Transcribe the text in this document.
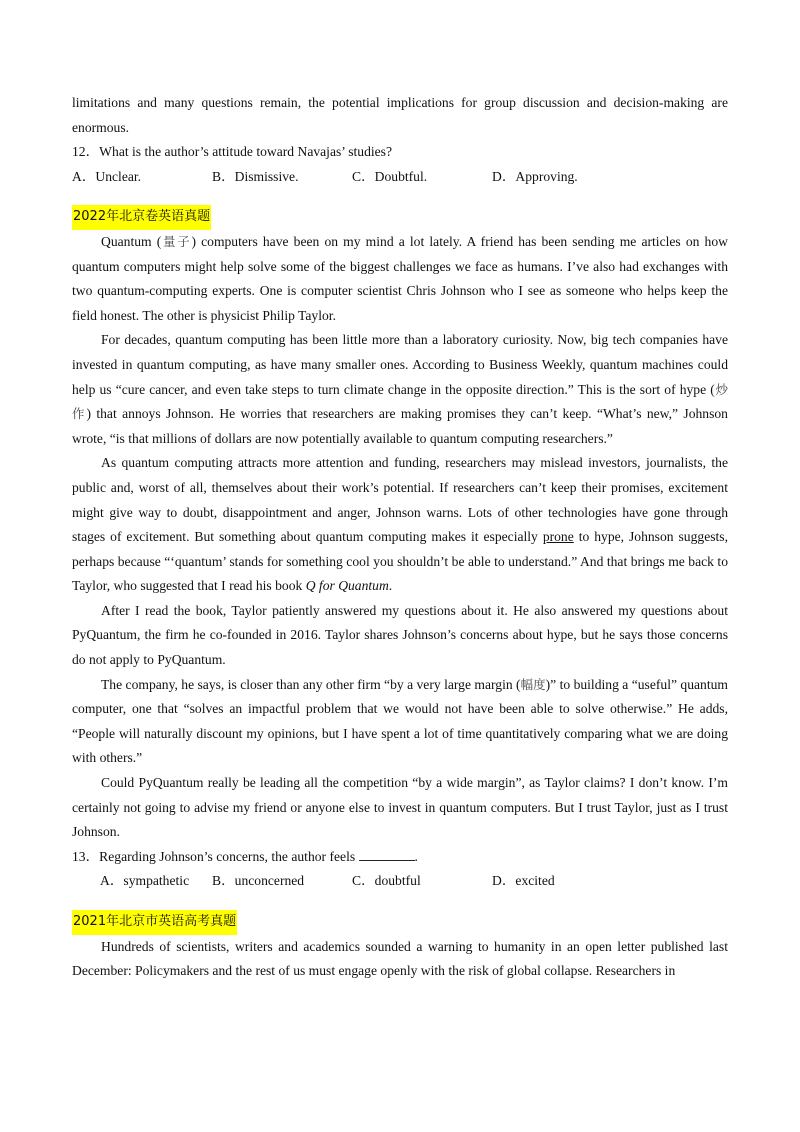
limitations and many questions remain, the potential implications for group discussion and decision-making are enormous.

12．What is the author’s attitude toward Navajas’ studies?

A．Unclear.	B．Dismissive.	C．Doubtful.	D．Approving.
2022年北京卷英语真题

Quantum (量子) computers have been on my mind a lot lately. A friend has been sending me articles on how quantum computers might help solve some of the biggest challenges we face as humans. I’ve also had exchanges with two quantum-computing experts. One is computer scientist Chris Johnson who I see as someone who helps keep the field honest. The other is physicist Philip Taylor.

For decades, quantum computing has been little more than a laboratory curiosity. Now, big tech companies have invested in quantum computing, as have many smaller ones. According to Business Weekly, quantum machines could help us “cure cancer, and even take steps to turn climate change in the opposite direction.” This is the sort of hype (炒作) that annoys Johnson. He worries that researchers are making promises they can’t keep. “What’s new,” Johnson wrote, “is that millions of dollars are now potentially available to quantum computing researchers.”

As quantum computing attracts more attention and funding, researchers may mislead investors, journalists, the public and, worst of all, themselves about their work’s potential. If researchers can’t keep their promises, excitement might give way to doubt, disappointment and anger, Johnson warns. Lots of other technologies have gone through stages of excitement. But something about quantum computing makes it especially prone to hype, Johnson suggests, perhaps because “‘quantum’ stands for something cool you shouldn’t be able to understand.” And that brings me back to Taylor, who suggested that I read his book Q for Quantum.

After I read the book, Taylor patiently answered my questions about it. He also answered my questions about PyQuantum, the firm he co-founded in 2016. Taylor shares Johnson’s concerns about hype, but he says those concerns do not apply to PyQuantum.

The company, he says, is closer than any other firm “by a very large margin (幅度)” to building a “useful” quantum computer, one that “solves an impactful problem that we would not have been able to solve otherwise.” He adds, “People will naturally discount my opinions, but I have spent a lot of time quantitatively comparing what we are doing with others.”

Could PyQuantum really be leading all the competition “by a wide margin”, as Taylor claims? I don’t know. I’m certainly not going to advise my friend or anyone else to invest in quantum computers. But I trust Taylor, just as I trust Johnson.

13．Regarding Johnson’s concerns, the author feels	.

A．sympathetic	B．unconcerned	C．doubtful	D．excited
2021年北京市英语高考真题

Hundreds of scientists, writers and academics sounded a warning to humanity in an open letter published last December: Policymakers and the rest of us must engage openly with the risk of global collapse. Researchers in
